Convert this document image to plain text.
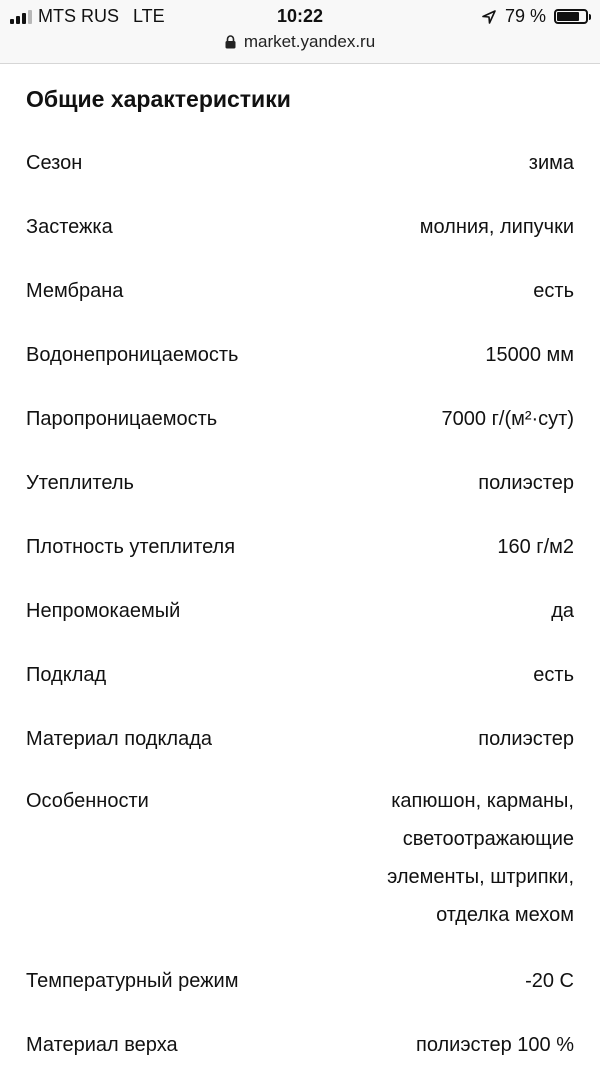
MTS RUS LTE	10:22	79 %
market.yandex.ru
Общие характеристики
Сезон	зима
Застежка	молния, липучки
Мембрана	есть
Водонепроницаемость	15000 мм
Паропроницаемость	7000 г/(м²·сут)
Утеплитель	полиэстер
Плотность утеплителя	160 г/м2
Непромокаемый	да
Подклад	есть
Материал подклада	полиэстер
Особенности	капюшон, карманы, светоотражающие элементы, штрипки, отделка мехом
Температурный режим	-20 C
Материал верха	полиэстер 100 %
